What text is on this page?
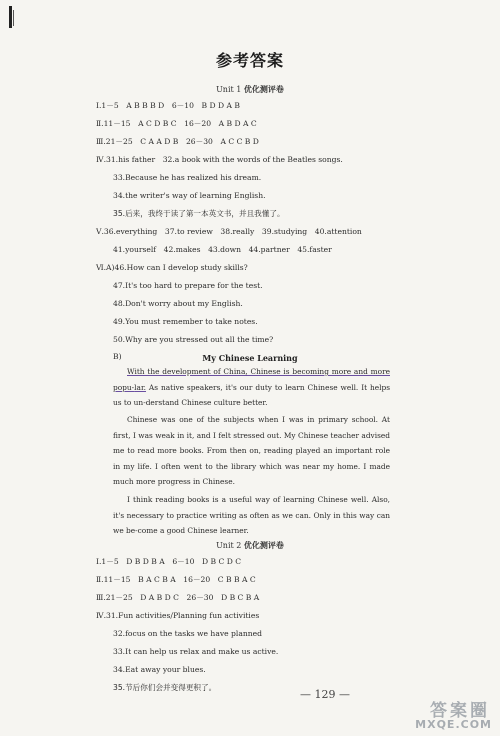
参考答案
Unit 1 优化测评卷
Ⅰ.1－5　A B B B D　6－10　B D D A B
Ⅱ.11－15　A C D B C　16－20　A B D A C
Ⅲ.21－25　C A A D B　26－30　A C C B D
Ⅳ.31.his father　32.a book with the words of the Beatles songs.
33.Because he has realized his dream.
34.the writer's way of learning English.
35.后来，我终于读了第一本英文书，并且我懂了。
Ⅴ.36.everything　37.to review　38.really　39.studying　40.attention
41.yourself　42.makes　43.down　44.partner　45.faster
Ⅵ.A)46.How can I develop study skills?
47.It's too hard to prepare for the test.
48.Don't worry about my English.
49.You must remember to take notes.
50.Why are you stressed out all the time?
B)	My Chinese Learning
With the development of China, Chinese is becoming more and more popu-lar. As native speakers, it's our duty to learn Chinese well. It helps us to un-derstand Chinese culture better.
Chinese was one of the subjects when I was in primary school. At first, I was weak in it, and I felt stressed out. My Chinese teacher advised me to read more books. From then on, reading played an important role in my life. I often went to the library which was near my home. I made much more progress in Chinese.
I think reading books is a useful way of learning Chinese well. Also, it's necessary to practice writing as often as we can. Only in this way can we be-come a good Chinese learner.
Unit 2 优化测评卷
Ⅰ.1－5　D B D B A　6－10　D B C D C
Ⅱ.11－15　B A C B A　16－20　C B B A C
Ⅲ.21－25　D A B D C　26－30　D B C B A
Ⅳ.31.Fun activities/Planning fun activities
32.focus on the tasks we have planned
33.It can help us relax and make us active.
34.Eat away your blues.
35.节后你们会并变得更积了。
— 129 —
答案圈
MXQE.COM
